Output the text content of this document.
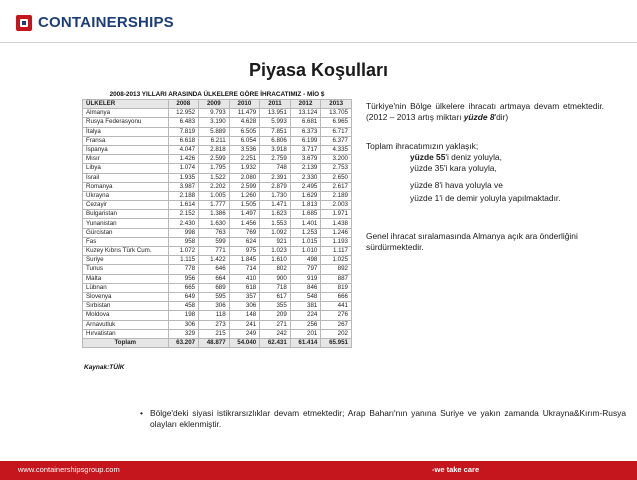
CONTAINERSHIPS
Piyasa Koşulları
2008-2013 YILLARI ARASINDA ÜLKELERE GÖRE İHRACATIMIZ - MİO $
ÜLKELER	2008	2009	2010	2011	2012	2013
Almanya	12.952	9.793	11.479	13.951	13.124	13.705
Rusya Federasyonu	6.483	3.190	4.628	5.993	6.681	6.965
İtalya	7.819	5.889	6.505	7.851	6.373	6.717
Fransa	6.618	6.211	6.054	6.806	6.199	6.377
İspanya	4.047	2.818	3.536	3.918	3.717	4.335
Mısır	1.426	2.599	2.251	2.759	3.679	3.200
Libya	1.074	1.795	1.932	748	2.139	2.753
İsrail	1.935	1.522	2.080	2.391	2.330	2.650
Romanya	3.987	2.202	2.599	2.879	2.495	2.617
Ukrayna	2.188	1.005	1.260	1.730	1.629	2.189
Cezayir	1.614	1.777	1.505	1.471	1.813	2.003
Bulgaristan	2.152	1.386	1.497	1.623	1.685	1.971
Yunanistan	2.430	1.630	1.456	1.553	1.401	1.438
Gürcistan	998	763	769	1.092	1.253	1.246
Fas	958	599	624	921	1.015	1.193
Kuzey Kıbrıs Türk Cum.	1.072	771	975	1.023	1.010	1.117
Suriye	1.115	1.422	1.845	1.610	498	1.025
Tunus	778	646	714	802	797	892
Malta	956	664	410	900	919	887
Lübnan	665	689	618	718	846	819
Slovenya	649	595	357	617	548	666
Sırbistan	458	306	306	355	381	441
Moldova	198	118	148	209	224	276
Arnavutluk	306	273	241	271	256	267
Hırvatistan	329	215	249	242	201	202
Toplam	63.207	48.877	54.040	62.431	61.414	65.951
Kaynak:TÜİK
Türkiye'nin Bölge ülkelere ihracatı artmaya devam etmektedir. (2012 – 2013 artış miktarı yüzde 8'dir)
Toplam ihracatımızın yaklaşık;
yüzde 55'i deniz yoluyla,
yüzde 35'i kara yoluyla,
yüzde 8'i hava yoluyla ve
yüzde 1'i de demir yoluyla yapılmaktadır.
Genel ihracat sıralamasında Almanya açık ara önderliğini sürdürmektedir.
• Bölge'deki siyasi istikrarsızlıklar devam etmektedir; Arap Baharı'nın yanına Suriye ve yakın zamanda Ukrayna&Kırım-Rusya olayları eklenmiştir.
www.containershipsgroup.com	-we take care
